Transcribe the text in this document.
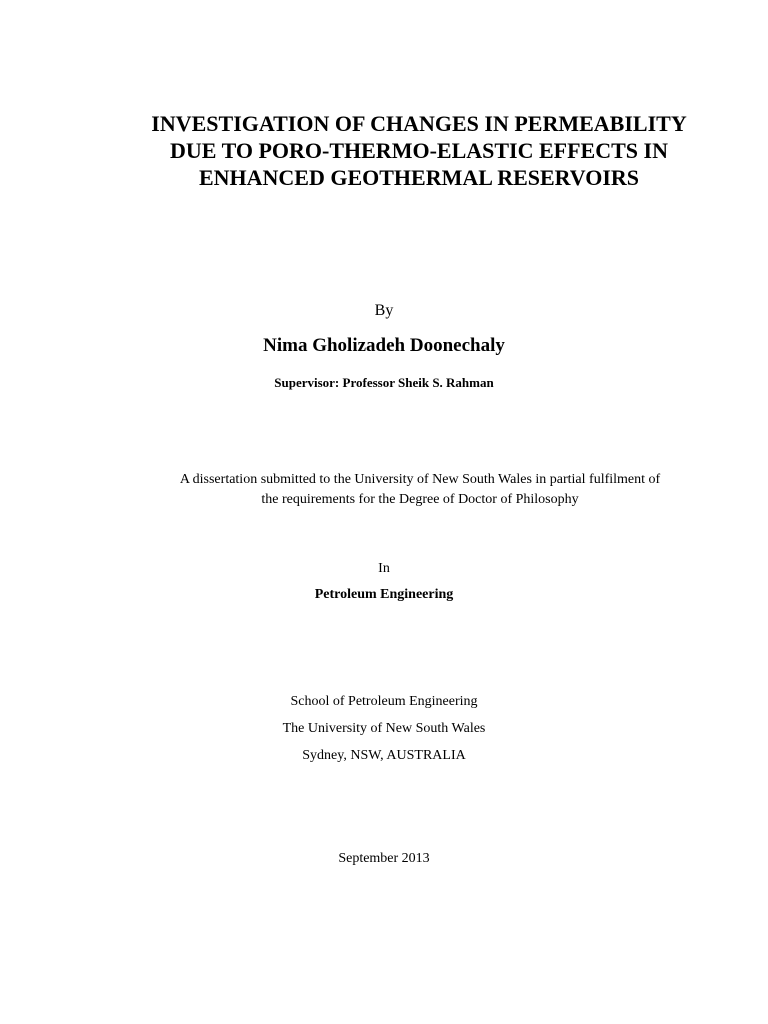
INVESTIGATION OF CHANGES IN PERMEABILITY
DUE TO PORO-THERMO-ELASTIC EFFECTS IN
ENHANCED GEOTHERMAL RESERVOIRS
By
Nima Gholizadeh Doonechaly
Supervisor: Professor Sheik S. Rahman
A dissertation submitted to the University of New South Wales in partial fulfilment of
the requirements for the Degree of Doctor of Philosophy
In
Petroleum Engineering
School of Petroleum Engineering
The University of New South Wales
Sydney, NSW, AUSTRALIA
September 2013
